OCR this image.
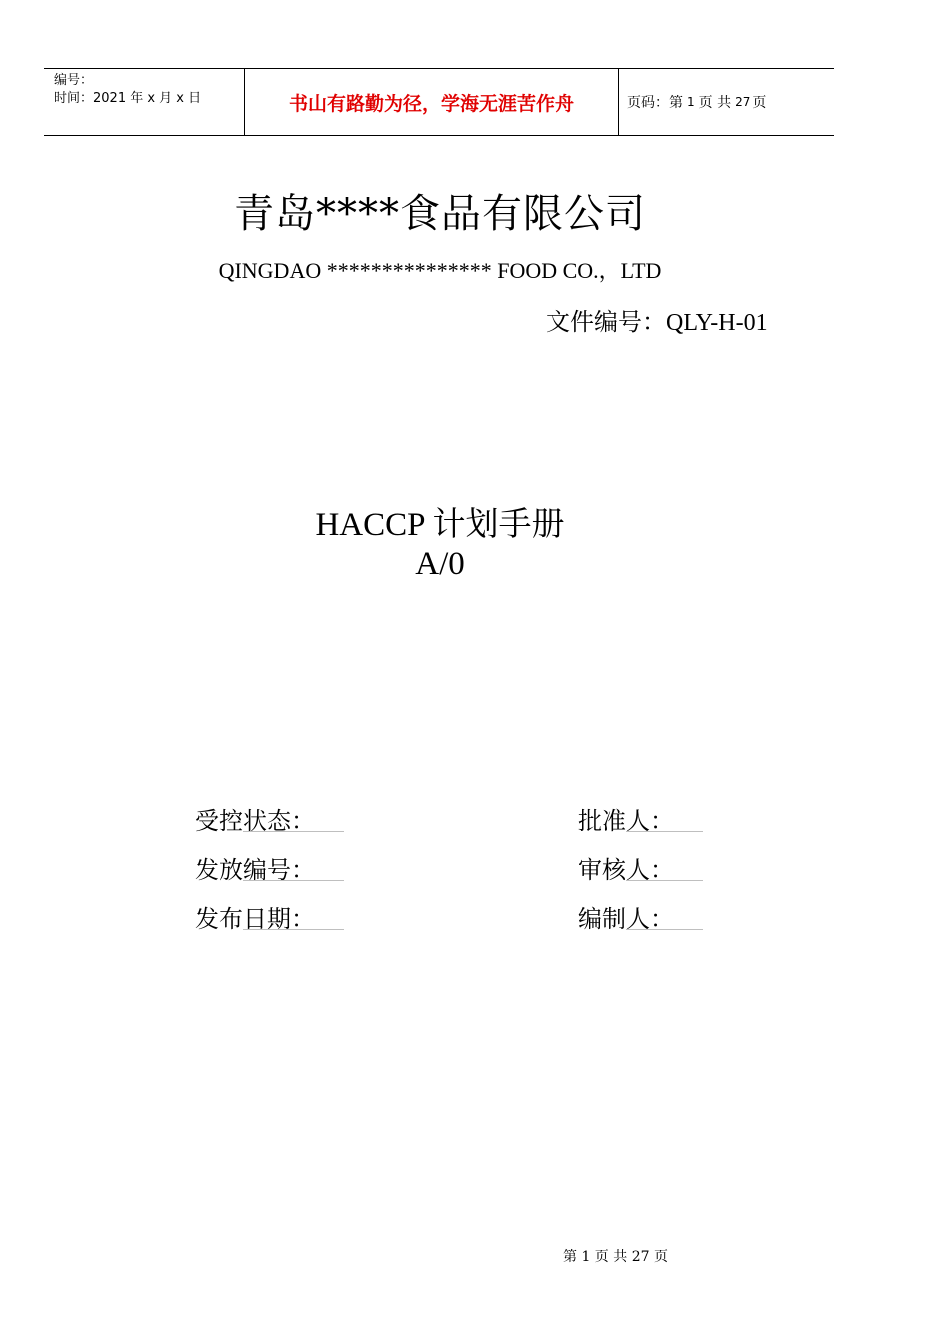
编号：
时间：2021 年 x 月 x 日	书山有路勤为径，学海无涯苦作舟	页码：第 1 页 共 27 页
青岛****食品有限公司
QINGDAO *************** FOOD CO.，LTD
文件编号：QLY-H-01
HACCP 计划手册
A/0
受控状态：
发放编号：
发布日期：
批准人：
审核人：
编制人：
第 1 页 共 27 页
